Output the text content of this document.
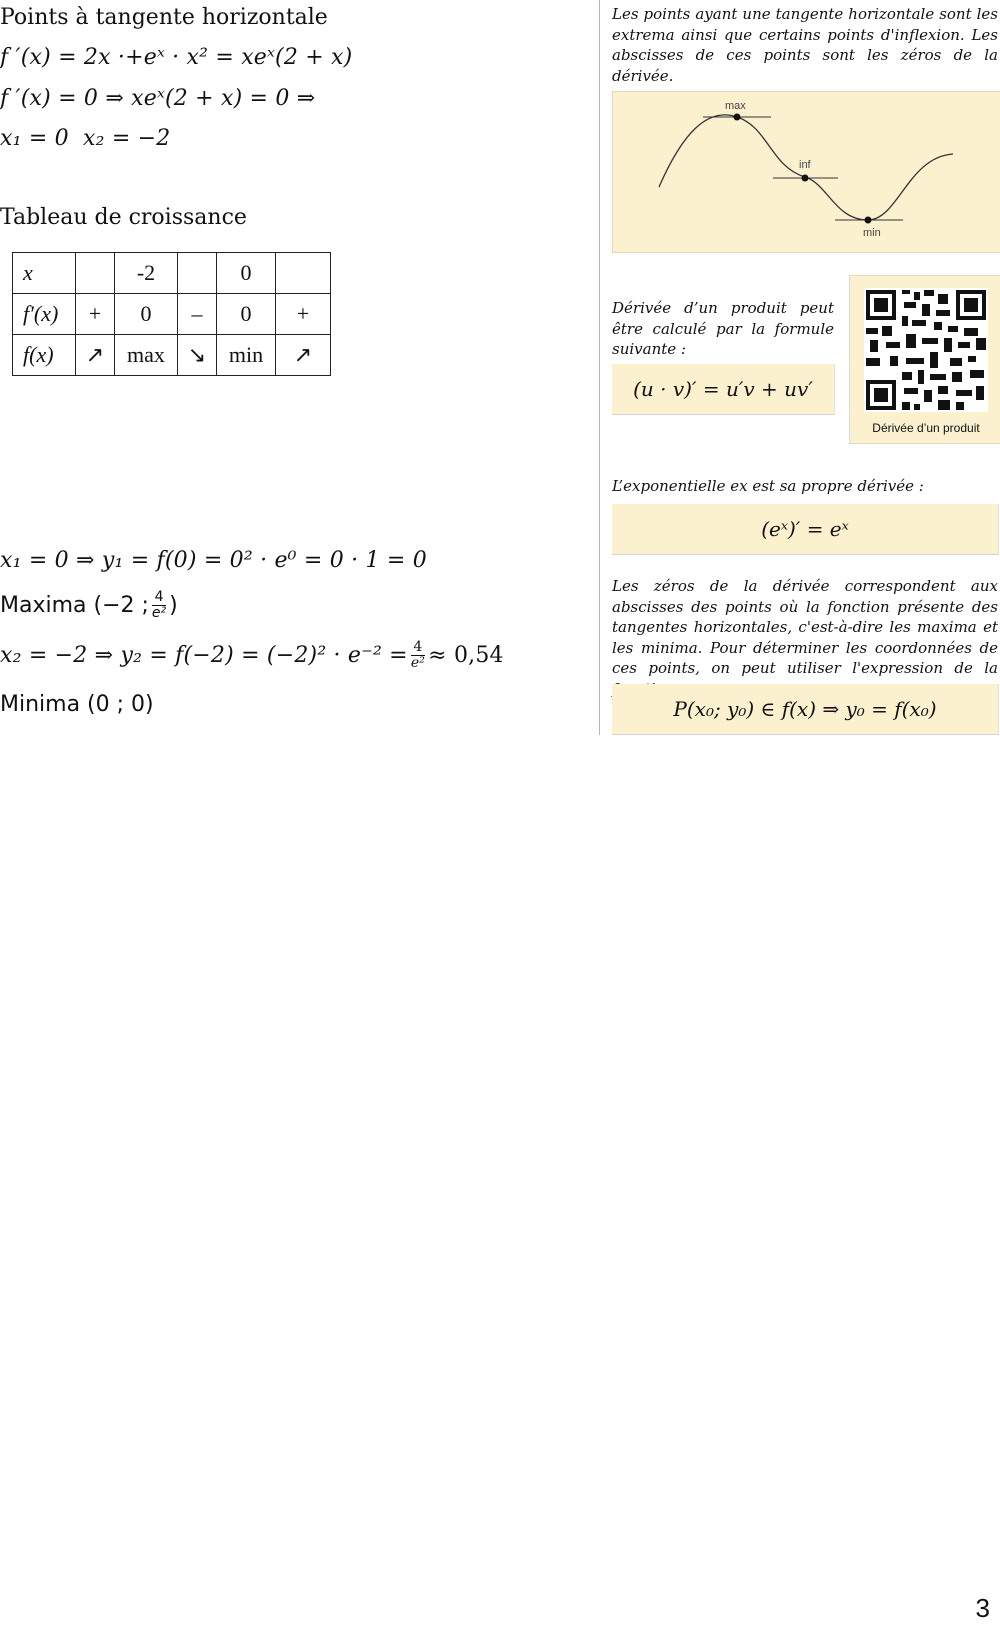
Points à tangente horizontale
f ′(x) = 2x ·+eˣ · x² = xeˣ(2 + x)
f ′(x) = 0 ⇒ xeˣ(2 + x) = 0 ⇒
x₁ = 0 x₂ = −2
Tableau de croissance
x		-2		0	
f′(x)	+	0	–	0	+
f(x)	↗	max	↘	min	↗
x₁ = 0 ⇒ y₁ = f(0) = 0² · e⁰ = 0 · 1 = 0
Maxima (−2 ; $\frac{4}{\text{e²}}$ )
x₂ = −2 ⇒ $y_2 = f(-2) = (-2)^2 \cdot e^{-2} = \frac{4}{\text{e²}} \approx 0,54$
Minima (0 ; 0)
Les points ayant une tangente horizontale sont les extrema ainsi que certains points d'inflexion. Les abscisses de ces points sont les zéros de la dérivée.
max
inf
min
Dérivée d’un produit peut être calculé par la formule suivante :
(u · v)′ = u′v + uv′
Dérivée d’un produit
L’exponentielle ex est sa propre dérivée :
(eˣ)′ = eˣ
Les zéros de la dérivée correspondent aux abscisses des points où la fonction présente des tangentes horizontales, c'est-à-dire les maxima et les minima. Pour déterminer les coordonnées de ces points, on peut utiliser l'expression de la
P(x₀; y₀) ∈ f(x) ⇒ y₀ = f(x₀)
3
